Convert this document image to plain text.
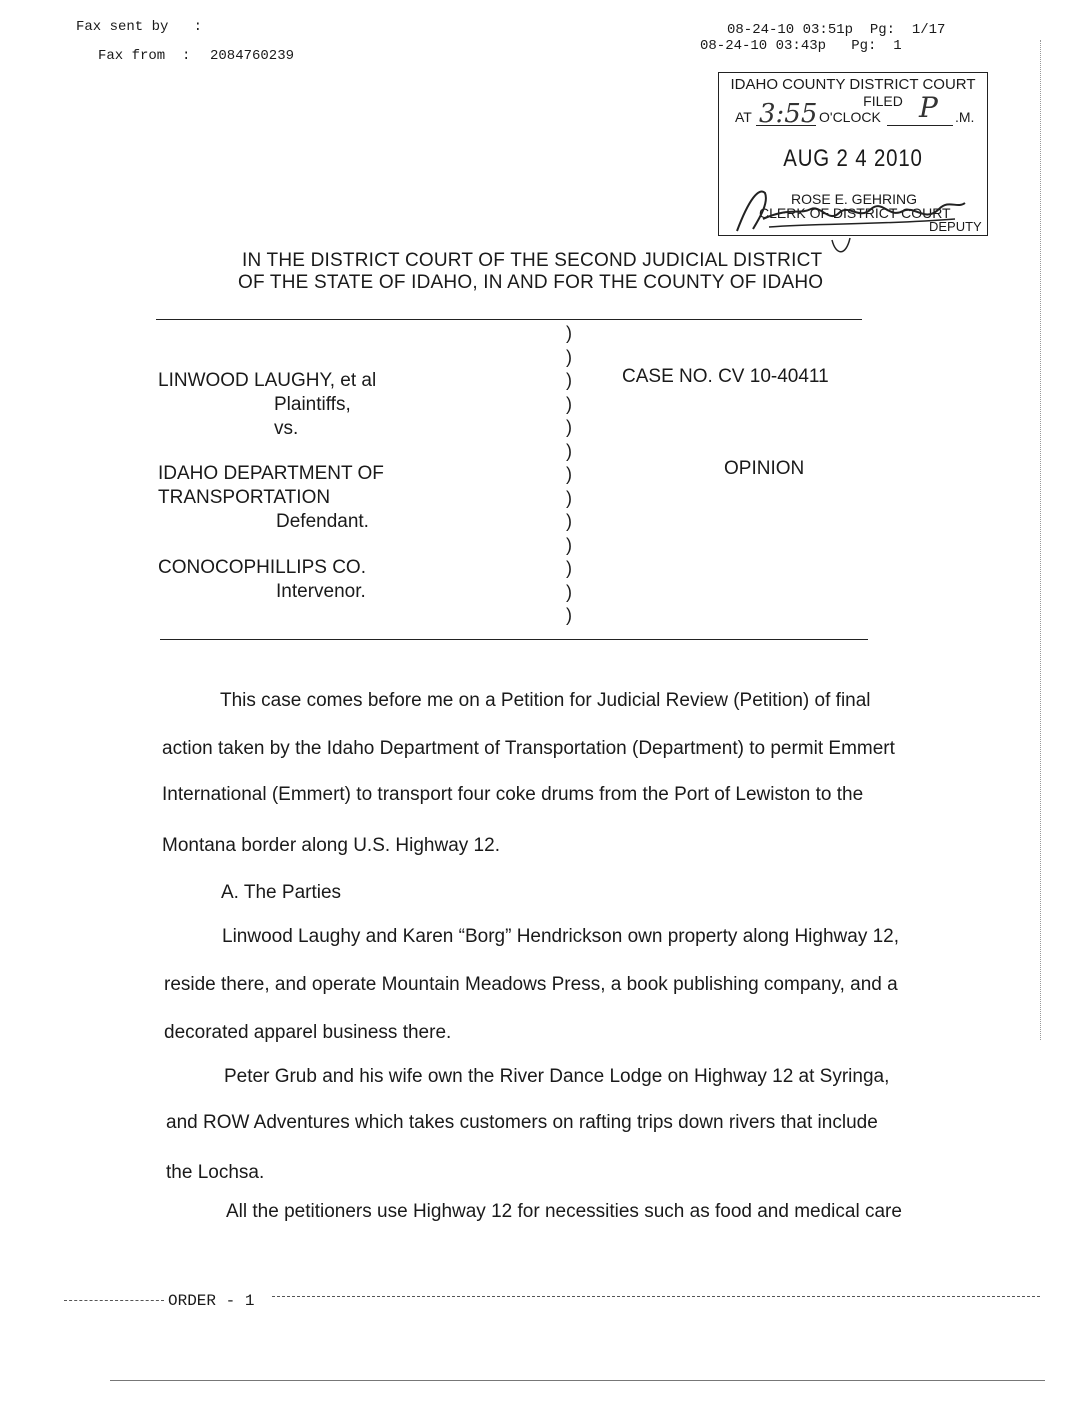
Fax sent by   :
Fax from  : 2084760239
08-24-10 03:51p  Pg:  1/17
08-24-10 03:43p   Pg:  1
IDAHO COUNTY DISTRICT COURT
FILED
AT 3:55 O'CLOCK P .M.
AUG 2 4 2010
ROSE E. GEHRING
CLERK OF DISTRICT COURT
DEPUTY
IN THE DISTRICT COURT OF THE SECOND JUDICIAL DISTRICT
OF THE STATE OF IDAHO, IN AND FOR THE COUNTY OF IDAHO
)
)
)
)
)
)
)
)
)
)
)
)
)
LINWOOD LAUGHY, et al
Plaintiffs,
vs.
IDAHO DEPARTMENT OF
TRANSPORTATION
Defendant.
CONOCOPHILLIPS CO.
Intervenor.
CASE NO. CV 10-40411
OPINION
This case comes before me on a Petition for Judicial Review (Petition) of final
action taken by the Idaho Department of Transportation (Department) to permit Emmert
International (Emmert) to transport four coke drums from the Port of Lewiston to the
Montana border along U.S. Highway 12.
A. The Parties
Linwood Laughy and Karen “Borg” Hendrickson own property along Highway 12,
reside there, and operate Mountain Meadows Press, a book publishing company, and a
decorated apparel business there.
Peter Grub and his wife own the River Dance Lodge on Highway 12 at Syringa,
and ROW Adventures which takes customers on rafting trips down rivers that include
the Lochsa.
All the petitioners use Highway 12 for necessities such as food and medical care
ORDER - 1
